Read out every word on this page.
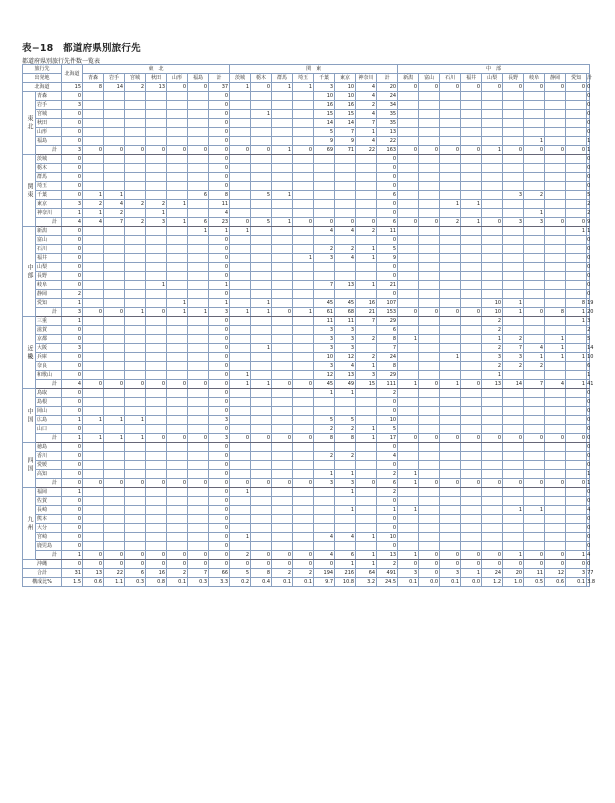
表−18　都道府県別旅行先
都道府県別旅行先件数一覧表
旅行先		北海道	東　北							関　東								中　部									
出発地			青森	岩手	宮城	秋田	山形	福島	計	茨城	栃木	群馬	埼玉	千葉	東京	神奈川	計	新潟	富山	石川	福井	山梨	長野	岐阜	静岡	愛知	計
北海道		15	8	14	2	13	0	0	37	1	0	1	1	3	10	4	20	0	0	0	0	0	0	0	0	0	0
東北	青森	0							0					10	10	4	24										0
	岩手	3							0					16	16	2	34										0
	宮城	0							0		1			15	15	4	35										0
	秋田	0							0					14	14	7	35										0
	山形	0							0					5	7	1	13										0
	福島	0							0					9	9	4	22							1			1
	計	3	0	0	0	0	0	0	0	0	0	1	0	69	71	22	163	0	0	0	0	1	0	0	0	0	1
関東	茨城	0							0								0										0
	栃木	0							0								0										0
	群馬	0							0								0										0
	埼玉	0							0								0										0
	千葉	0	1	1				6	8		5	1					6						3	2			5
	東京	3	2	4	2	2	1		11								0			1	1						2
	神奈川	1	1	2		1			4								0							1			2
	計	4	4	7	2	3	1	6	23	0	5	1	0	0	0	0	6	0	0	2	1	0	3	3	0	0	9
中部	新潟	0						1	1	1				4	4	2	11									1	1
	富山	0							0								0										0
	石川	0							0					2	2	1	5										0
	福井	0							0				1	3	4	1	9										0
	山梨	0							0								0										0
	長野	0							0								0										0
	岐阜	0				1			1					7	13	1	21										0
	静岡	2							0								0										0
	愛知	1					1		1		1			45	45	16	107					10	1			8	19
	計	3	0	0	1	0	1	1	3	1	1	0	1	61	68	21	153	0	0	0	0	10	1	0	8	1	20
近畿	三重	1							0					11	11	7	29					2				1	3
	滋賀	0							0					3	3		6					2					2
	京都	0							0					3	3	2	8	1				1	2		1		5
	大阪	3							0		1			3	3		7					2	7	4	1		14
	兵庫	0							0					10	12	2	24			1		3	3	1	1	1	10
	奈良	0							0					3	4	1	8					2	2	2			6
	和歌山	0							0	1				12	13	3	29					1					1
	計	4	0	0	0	0	0	0	0	1	1	0	0	45	49	15	111	1	0	1	0	13	14	7	4	1	41
中国	鳥取	0							0					1	1		2										0
	島根	0							0								0										0
	岡山	0							0								0										0
	広島	1	1	1	1				3					5	5		10										0
	山口	0							0					2	2	1	5										0
	計	1	1	1	1	0	0	0	3	0	0	0	0	8	8	1	17	0	0	0	0	0	0	0	0	0	0
四国	徳島	0							0								0										0
	香川	0							0					2	2		4										0
	愛媛	0							0								0										0
	高知	0							0					1	1		2	1									1
	計	0	0	0	0	0	0	0	0	0	0	0	0	3	3	0	6	1	0	0	0	0	0	0	0	0	1
九州	福岡	1							0	1					1		2										0
	佐賀	0							0								0										0
	長崎	0							0						1		1	1					1	1			4
	熊本	0							0								0										0
	大分	0							0								0										0
	宮崎	0							0	1				4	4	1	10										0
	鹿児島	0							0								0										0
	計	1	0	0	0	0	0	0	0	2	0	0	0	4	6	1	13	1	0	0	0	0	1	0	0	1	4
沖縄		0	0	0	0	0	0	0	0	0	0	0	0	0	1	1	2	0	0	0	0	0	0	0	0	0	0
合計		31	13	22	6	16	2	7	66	5	8	2	2	194	216	64	491	3	0	3	1	24	20	11	12	3	77
構成比%		1.5	0.6	1.1	0.3	0.8	0.1	0.3	3.3	0.2	0.4	0.1	0.1	9.7	10.8	3.2	24.5	0.1	0.0	0.1	0.0	1.2	1.0	0.5	0.6	0.1	3.8
